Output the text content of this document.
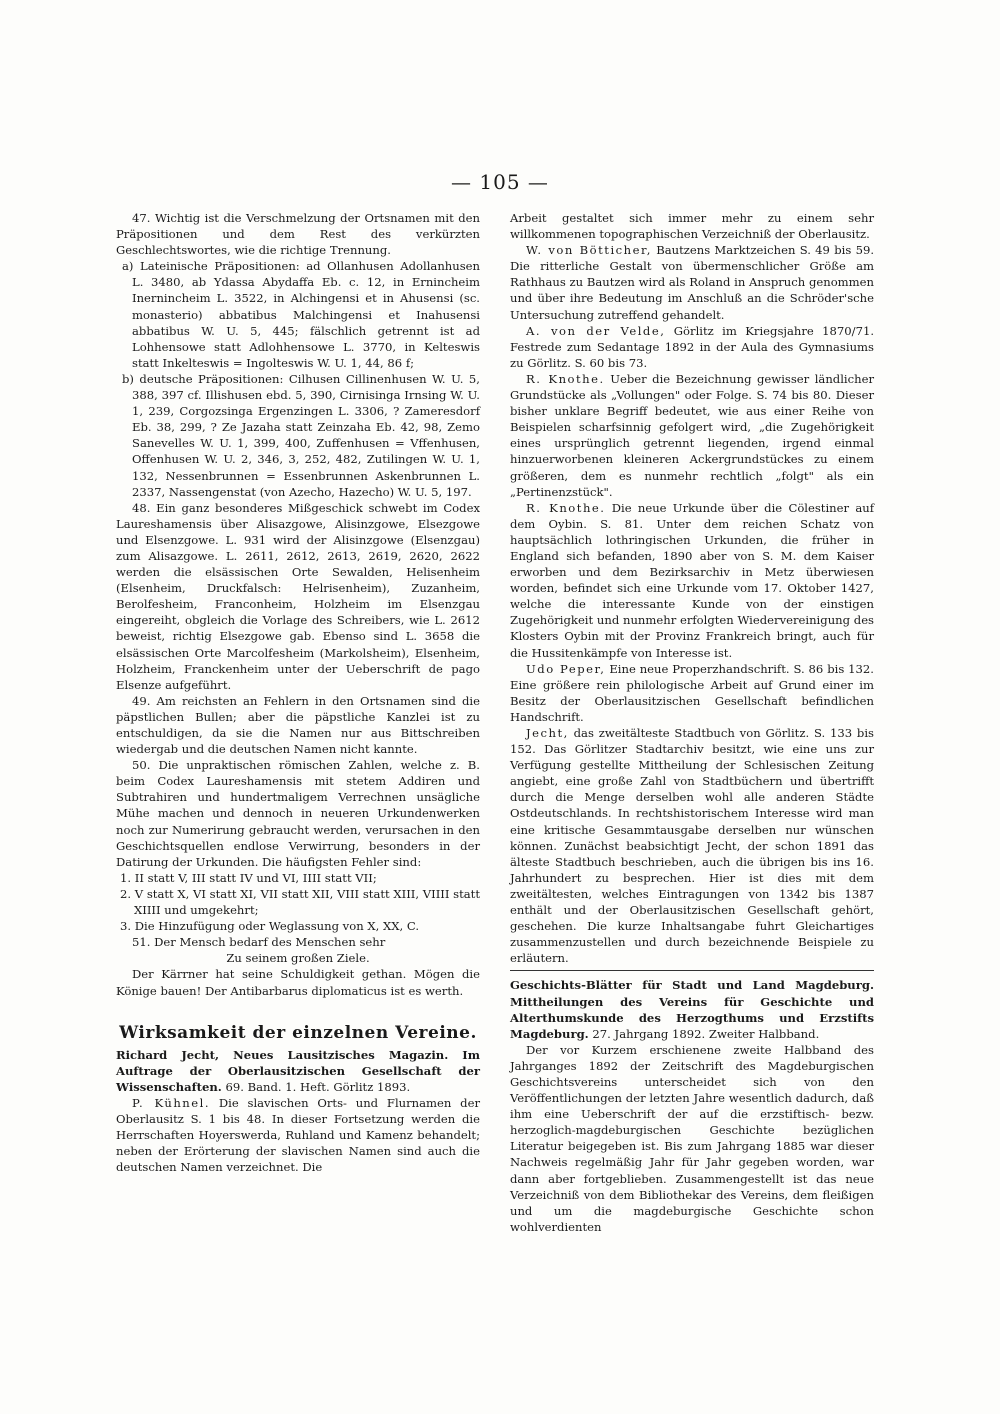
— 105 —

47. Wichtig ist die Verschmelzung der Ortsnamen mit den Präpositionen und dem Rest des verkürzten Geschlechtswortes, wie die richtige Trennung.

a) Lateinische Präpositionen: ad Ollanhusen Adollanhusen L. 3480, ab Ydassa Abydaffa Eb. c. 12, in Ernincheim Inernincheim L. 3522, in Alchingensi et in Ahusensi (sc. monasterio) abbatibus Malchingensi et Inahusensi abbatibus W. U. 5, 445; fälschlich getrennt ist ad Lohhensowe statt Adlohhensowe L. 3770, in Kelteswis statt Inkelteswis = Ingolteswis W. U. 1, 44, 86 f;

b) deutsche Präpositionen: Cilhusen Cillinenhusen W. U. 5, 388, 397 cf. Illishusen ebd. 5, 390, Cirnisinga Irnsing W. U. 1, 239, Corgozsinga Ergenzingen L. 3306, ? Zameresdorf Eb. 38, 299, ? Ze Jazaha statt Zeinzaha Eb. 42, 98, Zemo Sanevelles W. U. 1, 399, 400, Zuffenhusen = Vffenhusen, Offenhusen W. U. 2, 346, 3, 252, 482, Zutilingen W. U. 1, 132, Nessenbrunnen = Essenbrunnen Askenbrunnen L. 2337, Nassengenstat (von Azecho, Hazecho) W. U. 5, 197.

48. Ein ganz besonderes Mißgeschick schwebt im Codex Laureshamensis über Alisazgowe, Alisinzgowe, Elsezgowe und Elsenzgowe. L. 931 wird der Alisinzgowe (Elsenzgau) zum Alisazgowe. L. 2611, 2612, 2613, 2619, 2620, 2622 werden die elsässischen Orte Sewalden, Helisenheim (Elsenheim, Druckfalsch: Helrisenheim), Zuzanheim, Berolfesheim, Franconheim, Holzheim im Elsenzgau eingereiht, obgleich die Vorlage des Schreibers, wie L. 2612 beweist, richtig Elsezgowe gab. Ebenso sind L. 3658 die elsässischen Orte Marcolfesheim (Markolsheim), Elsenheim, Holzheim, Franckenheim unter der Ueberschrift de pago Elsenze aufgeführt.

49. Am reichsten an Fehlern in den Ortsnamen sind die päpstlichen Bullen; aber die päpstliche Kanzlei ist zu entschuldigen, da sie die Namen nur aus Bittschreiben wiedergab und die deutschen Namen nicht kannte.

50. Die unpraktischen römischen Zahlen, welche z. B. beim Codex Laureshamensis mit stetem Addiren und Subtrahiren und hundertmaligem Verrechnen unsägliche Mühe machen und dennoch in neueren Urkundenwerken noch zur Numerirung gebraucht werden, verursachen in den Geschichtsquellen endlose Verwirrung, besonders in der Datirung der Urkunden. Die häufigsten Fehler sind:

1. II statt V, III statt IV und VI, IIII statt VII;

2. V statt X, VI statt XI, VII statt XII, VIII statt XIII, VIIII statt XIIII und umgekehrt;

3. Die Hinzufügung oder Weglassung von X, XX, C.

51. Der Mensch bedarf des Menschen sehr

Zu seinem großen Ziele.

Der Kärrner hat seine Schuldigkeit gethan. Mögen die Könige bauen! Der Antibarbarus diplomaticus ist es werth.

Wirksamkeit der einzelnen Vereine.

Richard Jecht, Neues Lausitzisches Magazin. Im Auftrage der Oberlausitzischen Gesellschaft der Wissenschaften. 69. Band. 1. Heft. Görlitz 1893.

P. Kühnel. Die slavischen Orts- und Flurnamen der Oberlausitz S. 1 bis 48. In dieser Fortsetzung werden die Herrschaften Hoyerswerda, Ruhland und Kamenz behandelt; neben der Erörterung der slavischen Namen sind auch die deutschen Namen verzeichnet. Die

Arbeit gestaltet sich immer mehr zu einem sehr willkommenen topographischen Verzeichniß der Oberlausitz.

W. von Bötticher, Bautzens Marktzeichen S. 49 bis 59. Die ritterliche Gestalt von übermenschlicher Größe am Rathhaus zu Bautzen wird als Roland in Anspruch genommen und über ihre Bedeutung im Anschluß an die Schröder'sche Untersuchung zutreffend gehandelt.

A. von der Velde, Görlitz im Kriegsjahre 1870/71. Festrede zum Sedantage 1892 in der Aula des Gymnasiums zu Görlitz. S. 60 bis 73.

R. Knothe. Ueber die Bezeichnung gewisser ländlicher Grundstücke als „Vollungen" oder Folge. S. 74 bis 80. Dieser bisher unklare Begriff bedeutet, wie aus einer Reihe von Beispielen scharfsinnig gefolgert wird, „die Zugehörigkeit eines ursprünglich getrennt liegenden, irgend einmal hinzuerworbenen kleineren Ackergrundstückes zu einem größeren, dem es nunmehr rechtlich „folgt" als ein „Pertinenzstück".

R. Knothe. Die neue Urkunde über die Cölestiner auf dem Oybin. S. 81. Unter dem reichen Schatz von hauptsächlich lothringischen Urkunden, die früher in England sich befanden, 1890 aber von S. M. dem Kaiser erworben und dem Bezirksarchiv in Metz überwiesen worden, befindet sich eine Urkunde vom 17. Oktober 1427, welche die interessante Kunde von der einstigen Zugehörigkeit und nunmehr erfolgten Wiedervereinigung des Klosters Oybin mit der Provinz Frankreich bringt, auch für die Hussitenkämpfe von Interesse ist.

Udo Peper, Eine neue Properzhandschrift. S. 86 bis 132. Eine größere rein philologische Arbeit auf Grund einer im Besitz der Oberlausitzischen Gesellschaft befindlichen Handschrift.

Jecht, das zweitälteste Stadtbuch von Görlitz. S. 133 bis 152. Das Görlitzer Stadtarchiv besitzt, wie eine uns zur Verfügung gestellte Mittheilung der Schlesischen Zeitung angiebt, eine große Zahl von Stadtbüchern und übertrifft durch die Menge derselben wohl alle anderen Städte Ostdeutschlands. In rechtshistorischem Interesse wird man eine kritische Gesammtausgabe derselben nur wünschen können. Zunächst beabsichtigt Jecht, der schon 1891 das älteste Stadtbuch beschrieben, auch die übrigen bis ins 16. Jahrhundert zu besprechen. Hier ist dies mit dem zweitältesten, welches Eintragungen von 1342 bis 1387 enthält und der Oberlausitzischen Gesellschaft gehört, geschehen. Die kurze Inhaltsangabe fuhrt Gleichartiges zusammenzustellen und durch bezeichnende Beispiele zu erläutern.

Geschichts-Blätter für Stadt und Land Magdeburg. Mittheilungen des Vereins für Geschichte und Alterthumskunde des Herzogthums und Erzstifts Magdeburg. 27. Jahrgang 1892. Zweiter Halbband.

Der vor Kurzem erschienene zweite Halbband des Jahrganges 1892 der Zeitschrift des Magdeburgischen Geschichtsvereins unterscheidet sich von den Veröffentlichungen der letzten Jahre wesentlich dadurch, daß ihm eine Ueberschrift der auf die erzstiftisch- bezw. herzoglich-magdeburgischen Geschichte bezüglichen Literatur beigegeben ist. Bis zum Jahrgang 1885 war dieser Nachweis regelmäßig Jahr für Jahr gegeben worden, war dann aber fortgeblieben. Zusammengestellt ist das neue Verzeichniß von dem Bibliothekar des Vereins, dem fleißigen und um die magdeburgische Geschichte schon wohlverdienten
